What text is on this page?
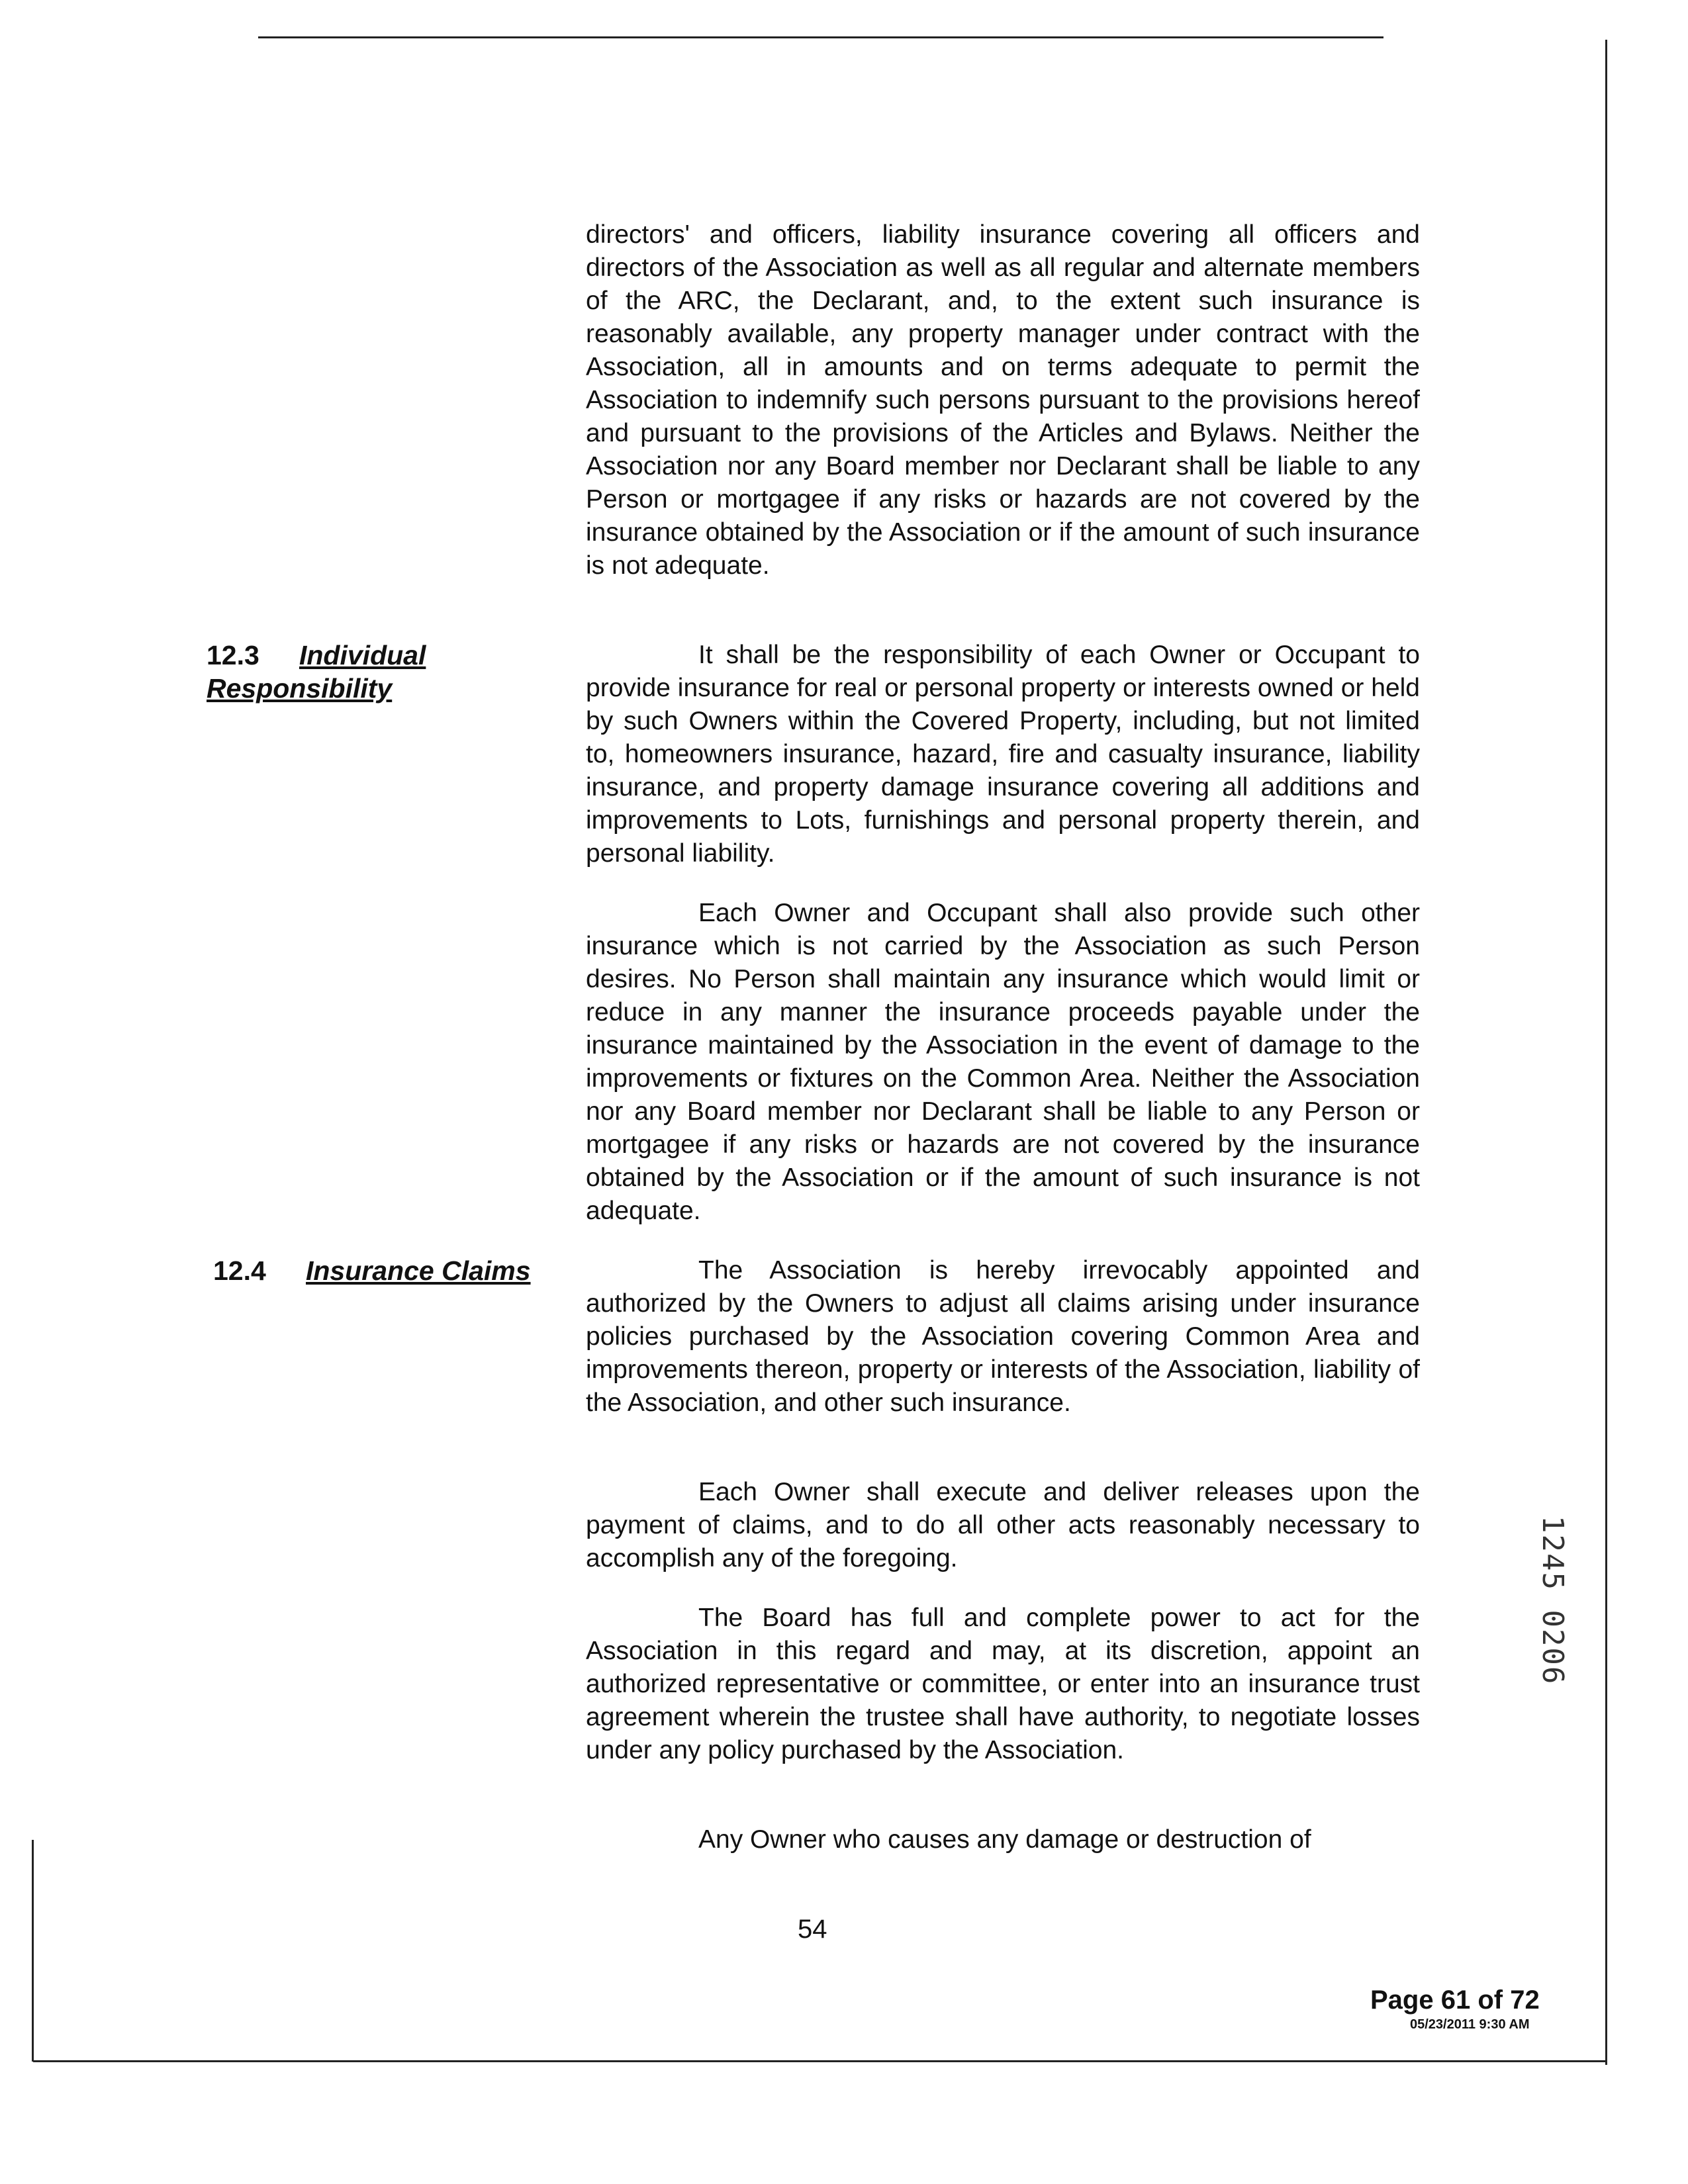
directors' and officers, liability insurance covering all officers and directors of the Association as well as all regular and alternate members of the ARC, the Declarant, and, to the extent such insurance is reasonably available, any property manager under contract with the Association, all in amounts and on terms adequate to permit the Association to indemnify such persons pursuant to the provisions hereof and pursuant to the provisions of the Articles and Bylaws. Neither the Association nor any Board member nor Declarant shall be liable to any Person or mortgagee if any risks or hazards are not covered by the insurance obtained by the Association or if the amount of such insurance is not adequate.

12.3 Individual
Responsibility

It shall be the responsibility of each Owner or Occupant to provide insurance for real or personal property or interests owned or held by such Owners within the Covered Property, including, but not limited to, homeowners insurance, hazard, fire and casualty insurance, liability insurance, and property damage insurance covering all additions and improvements to Lots, furnishings and personal property therein, and personal liability.

Each Owner and Occupant shall also provide such other insurance which is not carried by the Association as such Person desires. No Person shall maintain any insurance which would limit or reduce in any manner the insurance proceeds payable under the insurance maintained by the Association in the event of damage to the improvements or fixtures on the Common Area. Neither the Association nor any Board member nor Declarant shall be liable to any Person or mortgagee if any risks or hazards are not covered by the insurance obtained by the Association or if the amount of such insurance is not adequate.

12.4 Insurance Claims	The Association is hereby irrevocably appointed and authorized by the Owners to adjust all claims arising under insurance policies purchased by the Association covering Common Area and improvements thereon, property or interests of the Association, liability of the Association, and other such insurance.

Each Owner shall execute and deliver releases upon the payment of claims, and to do all other acts reasonably necessary to accomplish any of the foregoing.

The Board has full and complete power to act for the Association in this regard and may, at its discretion, appoint an authorized representative or committee, or enter into an insurance trust agreement wherein the trustee shall have authority, to negotiate losses under any policy purchased by the Association.

Any Owner who causes any damage or destruction of

54
1245 0206
Page 61 of 72
05/23/2011 9:30 AM
